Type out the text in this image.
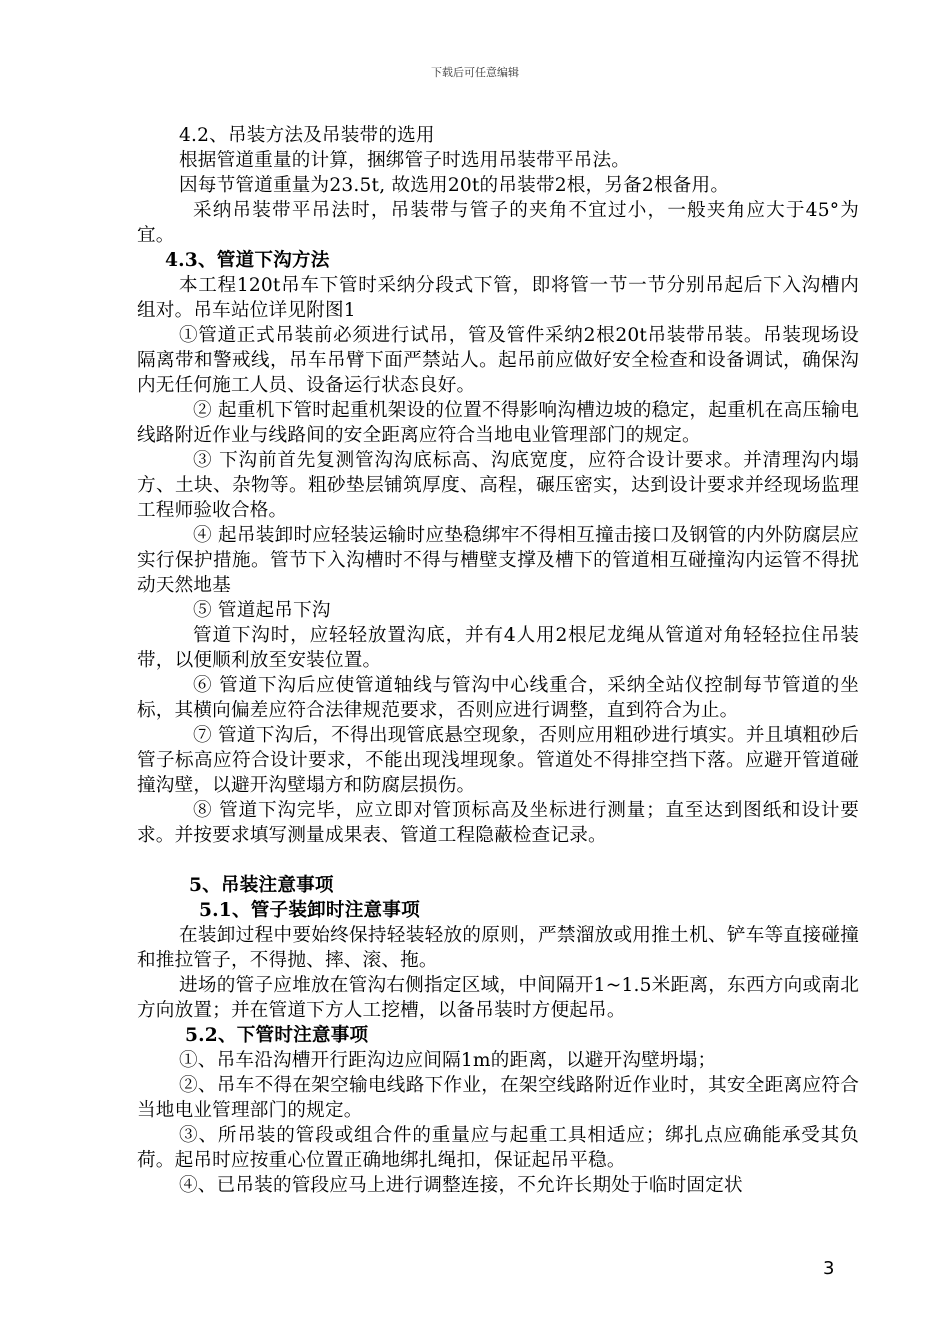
下载后可任意编辑

4.2、吊装方法及吊装带的选用

根据管道重量的计算，捆绑管子时选用吊装带平吊法。

因每节管道重量为23.5t, 故选用20t的吊装带2根，另备2根备用。

采纳吊装带平吊法时，吊装带与管子的夹角不宜过小，一般夹角应大于45°为宜。

4.3、管道下沟方法

本工程120t吊车下管时采纳分段式下管，即将管一节一节分别吊起后下入沟槽内组对。吊车站位详见附图1

①管道正式吊装前必须进行试吊，管及管件采纳2根20t吊装带吊装。吊装现场设隔离带和警戒线，吊车吊臂下面严禁站人。起吊前应做好安全检查和设备调试，确保沟内无任何施工人员、设备运行状态良好。

② 起重机下管时起重机架设的位置不得影响沟槽边坡的稳定，起重机在高压输电线路附近作业与线路间的安全距离应符合当地电业管理部门的规定。

③ 下沟前首先复测管沟沟底标高、沟底宽度，应符合设计要求。并清理沟内塌方、土块、杂物等。粗砂垫层铺筑厚度、高程，碾压密实，达到设计要求并经现场监理工程师验收合格。

④ 起吊装卸时应轻装运输时应垫稳绑牢不得相互撞击接口及钢管的内外防腐层应实行保护措施。管节下入沟槽时不得与槽壁支撑及槽下的管道相互碰撞沟内运管不得扰动天然地基

⑤ 管道起吊下沟

管道下沟时，应轻轻放置沟底，并有4人用2根尼龙绳从管道对角轻轻拉住吊装带，以便顺利放至安装位置。

⑥ 管道下沟后应使管道轴线与管沟中心线重合，采纳全站仪控制每节管道的坐标，其横向偏差应符合法律规范要求，否则应进行调整，直到符合为止。

⑦ 管道下沟后，不得出现管底悬空现象，否则应用粗砂进行填实。并且填粗砂后管子标高应符合设计要求，不能出现浅埋现象。管道处不得排空挡下落。应避开管道碰撞沟壁，以避开沟壁塌方和防腐层损伤。

⑧ 管道下沟完毕，应立即对管顶标高及坐标进行测量；直至达到图纸和设计要求。并按要求填写测量成果表、管道工程隐蔽检查记录。

5、吊装注意事项

5.1、管子装卸时注意事项

在装卸过程中要始终保持轻装轻放的原则，严禁溜放或用推土机、铲车等直接碰撞和推拉管子，不得抛、摔、滚、拖。

进场的管子应堆放在管沟右侧指定区域，中间隔开1~1.5米距离，东西方向或南北方向放置；并在管道下方人工挖槽，以备吊装时方便起吊。

5.2、下管时注意事项

①、吊车沿沟槽开行距沟边应间隔1m的距离，以避开沟壁坍塌；

②、吊车不得在架空输电线路下作业，在架空线路附近作业时，其安全距离应符合当地电业管理部门的规定。

③、所吊装的管段或组合件的重量应与起重工具相适应；绑扎点应确能承受其负荷。起吊时应按重心位置正确地绑扎绳扣，保证起吊平稳。

④、已吊装的管段应马上进行调整连接，不允许长期处于临时固定状

3
